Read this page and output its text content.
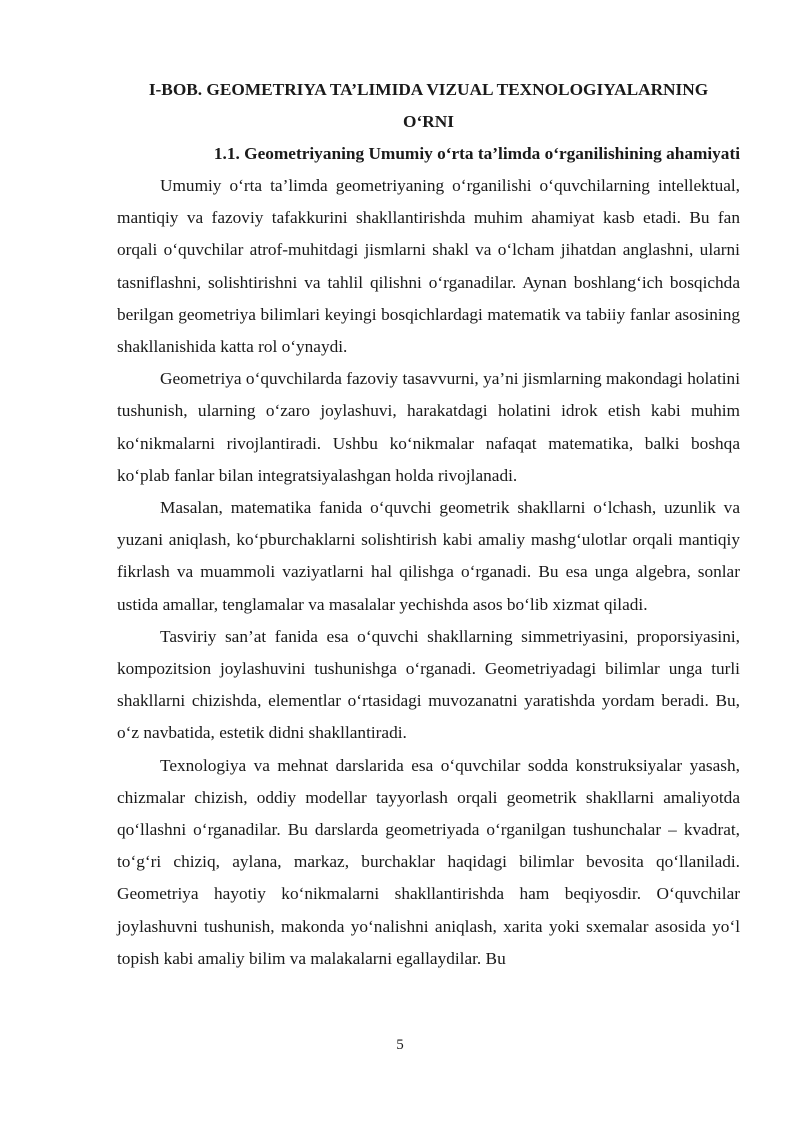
I-BOB. GEOMETRIYA TA’LIMIDA VIZUAL TEXNOLOGIYALARNING

O‘RNI

1.1. Geometriyaning Umumiy o‘rta ta’limda o‘rganilishining ahamiyati

Umumiy o‘rta ta’limda geometriyaning o‘rganilishi o‘quvchilarning intellektual, mantiqiy va fazoviy tafakkurini shakllantirishda muhim ahamiyat kasb etadi. Bu fan orqali o‘quvchilar atrof-muhitdagi jismlarni shakl va o‘lcham jihatdan anglashni, ularni tasniflashni, solishtirishni va tahlil qilishni o‘rganadilar. Aynan boshlang‘ich bosqichda berilgan geometriya bilimlari keyingi bosqichlardagi matematik va tabiiy fanlar asosining shakllanishida katta rol o‘ynaydi.

Geometriya o‘quvchilarda fazoviy tasavvurni, ya’ni jismlarning makondagi holatini tushunish, ularning o‘zaro joylashuvi, harakatdagi holatini idrok etish kabi muhim ko‘nikmalarni rivojlantiradi. Ushbu ko‘nikmalar nafaqat matematika, balki boshqa ko‘plab fanlar bilan integratsiyalashgan holda rivojlanadi.

Masalan, matematika fanida o‘quvchi geometrik shakllarni o‘lchash, uzunlik va yuzani aniqlash, ko‘pburchaklarni solishtirish kabi amaliy mashg‘ulotlar orqali mantiqiy fikrlash va muammoli vaziyatlarni hal qilishga o‘rganadi. Bu esa unga algebra, sonlar ustida amallar, tenglamalar va masalalar yechishda asos bo‘lib xizmat qiladi.

Tasviriy san’at fanida esa o‘quvchi shakllarning simmetriyasini, proporsiyasini, kompozitsion joylashuvini tushunishga o‘rganadi. Geometriyadagi bilimlar unga turli shakllarni chizishda, elementlar o‘rtasidagi muvozanatni yaratishda yordam beradi. Bu, o‘z navbatida, estetik didni shakllantiradi.

Texnologiya va mehnat darslarida esa o‘quvchilar sodda konstruksiyalar yasash, chizmalar chizish, oddiy modellar tayyorlash orqali geometrik shakllarni amaliyotda qo‘llashni o‘rganadilar. Bu darslarda geometriyada o‘rganilgan tushunchalar – kvadrat, to‘g‘ri chiziq, aylana, markaz, burchaklar haqidagi bilimlar bevosita qo‘llaniladi. Geometriya hayotiy ko‘nikmalarni shakllantirishda ham beqiyosdir. O‘quvchilar joylashuvni tushunish, makonda yo‘nalishni aniqlash, xarita yoki sxemalar asosida yo‘l topish kabi amaliy bilim va malakalarni egallaydilar. Bu

5
